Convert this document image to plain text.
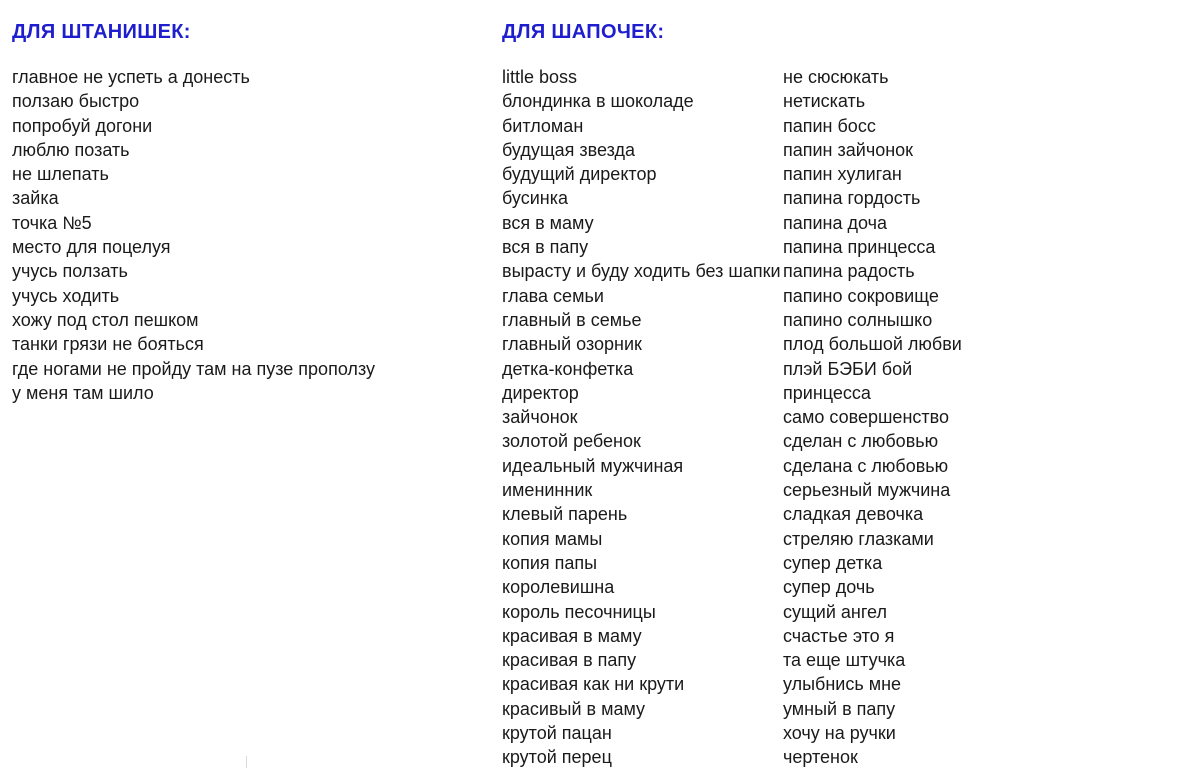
ДЛЯ ШТАНИШЕК:	ДЛЯ ШАПОЧЕК:
главное не успеть а донесть
ползаю быстро
попробуй догони
люблю позать
не шлепать
зайка
точка №5
место для поцелуя
учусь ползать
учусь ходить
хожу под стол пешком
танки грязи не бояться
где ногами не пройду там на пузе проползу
у меня там шило
little boss
блондинка в шоколаде
битломан
будущая звезда
будущий директор
бусинка
вся в маму
вся в папу
вырасту и буду ходить без шапки
глава семьи
главный в семье
главный озорник
детка-конфетка
директор
зайчонок
золотой ребенок
идеальный мужчиная
именинник
клевый парень
копия мамы
копия папы
королевишна
король песочницы
красивая в маму
красивая в папу
красивая как ни крути
красивый в маму
крутой пацан
крутой перец
не сюсюкать
нетискать
папин босс
папин зайчонок
папин хулиган
папина гордость
папина доча
папина принцесса
папина радость
папино сокровище
папино солнышко
плод большой любви
плэй БЭБИ бой
принцесса
само совершенство
сделан с любовью
сделана с любовью
серьезный мужчина
сладкая девочка
стреляю глазками
супер детка
супер дочь
сущий ангел
счастье это я
та еще штучка
улыбнись мне
умный в папу
хочу на ручки
чертенок
